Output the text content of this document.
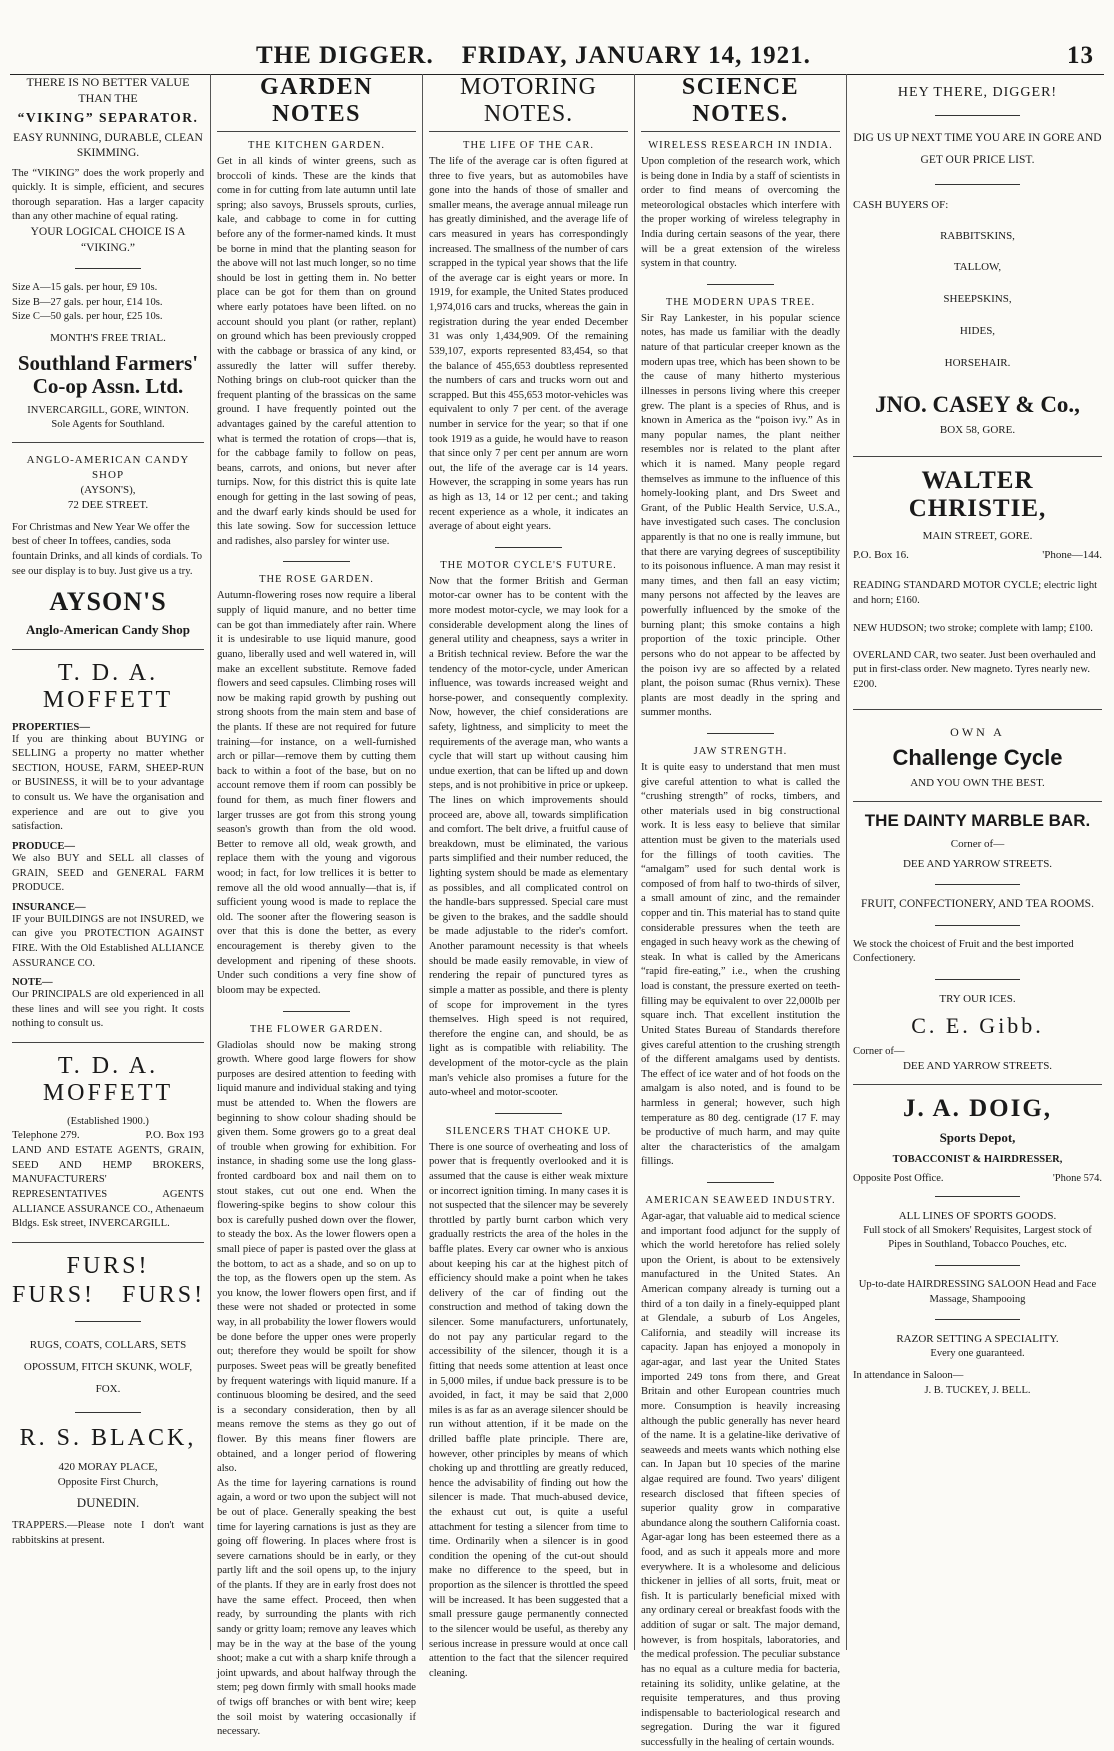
THE DIGGER. FRIDAY, JANUARY 14, 1921.	13
THERE IS NO BETTER VALUE THAN THE
“VIKING” SEPARATOR.
EASY RUNNING, DURABLE, CLEAN SKIMMING.
The “VIKING” does the work properly and quickly. It is simple, efficient, and secures thorough separation. Has a larger capacity than any other machine of equal rating.
YOUR LOGICAL CHOICE IS A “VIKING.”
Size A—15 gals. per hour, £9 10s.
Size B—27 gals. per hour, £14 10s.
Size C—50 gals. per hour, £25 10s.
MONTH'S FREE TRIAL.
Southland Farmers' Co-op Assn. Ltd.
INVERCARGILL, GORE, WINTON.
Sole Agents for Southland.
ANGLO-AMERICAN CANDY SHOP
(AYSON'S),
72 DEE STREET.
For Christmas and New Year We offer the best of cheer In toffees, candies, soda fountain Drinks, and all kinds of cordials. To see our display is to buy. Just give us a try.
AYSON'S
Anglo-American Candy Shop
T. D. A. MOFFETT
PROPERTIES—
If you are thinking about BUYING or SELLING a property no matter whether SECTION, HOUSE, FARM, SHEEP-RUN or BUSINESS, it will be to your advantage to consult us. We have the organisation and experience and are out to give you satisfaction.
PRODUCE—
We also BUY and SELL all classes of GRAIN, SEED and GENERAL FARM PRODUCE.
INSURANCE—
IF your BUILDINGS are not INSURED, we can give you PROTECTION AGAINST FIRE. With the Old Established ALLIANCE ASSURANCE CO.
NOTE—
Our PRINCIPALS are old experienced in all these lines and will see you right. It costs nothing to consult us.
T. D. A. MOFFETT
(Established 1900.)
Telephone 279.	P.O. Box 193
LAND AND ESTATE AGENTS, GRAIN, SEED AND HEMP BROKERS, MANUFACTURERS' REPRESENTATIVES AGENTS ALLIANCE ASSURANCE CO., Athenaeum Bldgs. Esk street, INVERCARGILL.
FURS!
FURS!   FURS!
RUGS, COATS, COLLARS, SETS OPOSSUM, FITCH SKUNK, WOLF, FOX.
R. S. BLACK,
420 MORAY PLACE,
Opposite First Church,
DUNEDIN.
TRAPPERS.—Please note I don't want rabbitskins at present.
GARDEN NOTES
THE KITCHEN GARDEN.
Get in all kinds of winter greens, such as broccoli of kinds. These are the kinds that come in for cutting from late autumn until late spring; also savoys, Brussels sprouts, curlies, kale, and cabbage to come in for cutting before any of the former-named kinds. It must be borne in mind that the planting season for the above will not last much longer, so no time should be lost in getting them in. No better place can be got for them than on ground where early potatoes have been lifted. on no account should you plant (or rather, replant) on ground which has been previously cropped with the cabbage or brassica of any kind, or assuredly the latter will suffer thereby. Nothing brings on club-root quicker than the frequent planting of the brassicas on the same ground. I have frequently pointed out the advantages gained by the careful attention to what is termed the rotation of crops—that is, for the cabbage family to follow on peas, beans, carrots, and onions, but never after turnips. Now, for this district this is quite late enough for getting in the last sowing of peas, and the dwarf early kinds should be used for this late sowing. Sow for succession lettuce and radishes, also parsley for winter use.
THE ROSE GARDEN.
Autumn-flowering roses now require a liberal supply of liquid manure, and no better time can be got than immediately after rain. Where it is undesirable to use liquid manure, good guano, liberally used and well watered in, will make an excellent substitute. Remove faded flowers and seed capsules. Climbing roses will now be making rapid growth by pushing out strong shoots from the main stem and base of the plants. If these are not required for future training—for instance, on a well-furnished arch or pillar—remove them by cutting them back to within a foot of the base, but on no account remove them if room can possibly be found for them, as much finer flowers and larger trusses are got from this strong young season's growth than from the old wood. Better to remove all old, weak growth, and replace them with the young and vigorous wood; in fact, for low trellices it is better to remove all the old wood annually—that is, if sufficient young wood is made to replace the old. The sooner after the flowering season is over that this is done the better, as every encouragement is thereby given to the development and ripening of these shoots. Under such conditions a very fine show of bloom may be expected.
THE FLOWER GARDEN.
Gladiolas should now be making strong growth. Where good large flowers for show purposes are desired attention to feeding with liquid manure and individual staking and tying must be attended to. When the flowers are beginning to show colour shading should be given them. Some growers go to a great deal of trouble when growing for exhibition. For instance, in shading some use the long glass-fronted cardboard box and nail them on to stout stakes, cut out one end. When the flowering-spike begins to show colour this box is carefully pushed down over the flower, to steady the box. As the lower flowers open a small piece of paper is pasted over the glass at the bottom, to act as a shade, and so on up to the top, as the flowers open up the stem. As you know, the lower flowers open first, and if these were not shaded or protected in some way, in all probability the lower flowers would be done before the upper ones were properly out; therefore they would be spoilt for show purposes. Sweet peas will be greatly benefited by frequent waterings with liquid manure. If a continuous blooming be desired, and the seed is a secondary consideration, then by all means remove the stems as they go out of flower. By this means finer flowers are obtained, and a longer period of flowering also.
As the time for layering carnations is round again, a word or two upon the subject will not be out of place. Generally speaking the best time for layering carnations is just as they are going off flowering. In places where frost is severe carnations should be in early, or they partly lift and the soil opens up, to the injury of the plants. If they are in early frost does not have the same effect. Proceed, then when ready, by surrounding the plants with rich sandy or gritty loam; remove any leaves which may be in the way at the base of the young shoot; make a cut with a sharp knife through a joint upwards, and about halfway through the stem; peg down firmly with small hooks made of twigs off branches or with bent wire; keep the soil moist by watering occasionally if necessary.
MOTORING NOTES.
THE LIFE OF THE CAR.
The life of the average car is often figured at three to five years, but as automobiles have gone into the hands of those of smaller and smaller means, the average annual mileage run has greatly diminished, and the average life of cars measured in years has correspondingly increased. The smallness of the number of cars scrapped in the typical year shows that the life of the average car is eight years or more. In 1919, for example, the United States produced 1,974,016 cars and trucks, whereas the gain in registration during the year ended December 31 was only 1,434,909. Of the remaining 539,107, exports represented 83,454, so that the balance of 455,653 doubtless represented the numbers of cars and trucks worn out and scrapped. But this 455,653 motor-vehicles was equivalent to only 7 per cent. of the average number in service for the year; so that if one took 1919 as a guide, he would have to reason that since only 7 per cent per annum are worn out, the life of the average car is 14 years. However, the scrapping in some years has run as high as 13, 14 or 12 per cent.; and taking recent experience as a whole, it indicates an average of about eight years.
THE MOTOR CYCLE'S FUTURE.
Now that the former British and German motor-car owner has to be content with the more modest motor-cycle, we may look for a considerable development along the lines of general utility and cheapness, says a writer in a British technical review. Before the war the tendency of the motor-cycle, under American influence, was towards increased weight and horse-power, and consequently complexity. Now, however, the chief considerations are safety, lightness, and simplicity to meet the requirements of the average man, who wants a cycle that will start up without causing him undue exertion, that can be lifted up and down steps, and is not prohibitive in price or upkeep. The lines on which improvements should proceed are, above all, towards simplification and comfort. The belt drive, a fruitful cause of breakdown, must be eliminated, the various parts simplified and their number reduced, the lighting system should be made as elementary as possibles, and all complicated control on the handle-bars suppressed. Special care must be given to the brakes, and the saddle should be made adjustable to the rider's comfort. Another paramount necessity is that wheels should be made easily removable, in view of rendering the repair of punctured tyres as simple a matter as possible, and there is plenty of scope for improvement in the tyres themselves. High speed is not required, therefore the engine can, and should, be as light as is compatible with reliability. The development of the motor-cycle as the plain man's vehicle also promises a future for the auto-wheel and motor-scooter.
SILENCERS THAT CHOKE UP.
There is one source of overheating and loss of power that is frequently overlooked and it is assumed that the cause is either weak mixture or incorrect ignition timing. In many cases it is not suspected that the silencer may be severely throttled by partly burnt carbon which very gradually restricts the area of the holes in the baffle plates. Every car owner who is anxious about keeping his car at the highest pitch of efficiency should make a point when he takes delivery of the car of finding out the construction and method of taking down the silencer. Some manufacturers, unfortunately, do not pay any particular regard to the accessibility of the silencer, though it is a fitting that needs some attention at least once in 5,000 miles, if undue back pressure is to be avoided, in fact, it may be said that 2,000 miles is as far as an average silencer should be run without attention, if it be made on the drilled baffle plate principle. There are, however, other principles by means of which choking up and throttling are greatly reduced, hence the advisability of finding out how the silencer is made. That much-abused device, the exhaust cut out, is quite a useful attachment for testing a silencer from time to time. Ordinarily when a silencer is in good condition the opening of the cut-out should make no difference to the speed, but in proportion as the silencer is throttled the speed will be increased. It has been suggested that a small pressure gauge permanently connected to the silencer would be useful, as thereby any serious increase in pressure would at once call attention to the fact that the silencer required cleaning.
SCIENCE NOTES.
WIRELESS RESEARCH IN INDIA.
Upon completion of the research work, which is being done in India by a staff of scientists in order to find means of overcoming the meteorological obstacles which interfere with the proper working of wireless telegraphy in India during certain seasons of the year, there will be a great extension of the wireless system in that country.
THE MODERN UPAS TREE.
Sir Ray Lankester, in his popular science notes, has made us familiar with the deadly nature of that particular creeper known as the modern upas tree, which has been shown to be the cause of many hitherto mysterious illnesses in persons living where this creeper grew. The plant is a species of Rhus, and is known in America as the “poison ivy.” As in many popular names, the plant neither resembles nor is related to the plant after which it is named. Many people regard themselves as immune to the influence of this homely-looking plant, and Drs Sweet and Grant, of the Public Health Service, U.S.A., have investigated such cases. The conclusion apparently is that no one is really immune, but that there are varying degrees of susceptibility to its poisonous influence. A man may resist it many times, and then fall an easy victim; many persons not affected by the leaves are powerfully influenced by the smoke of the burning plant; this smoke contains a high proportion of the toxic principle. Other persons who do not appear to be affected by the poison ivy are so affected by a related plant, the poison sumac (Rhus vernix). These plants are most deadly in the spring and summer months.
JAW STRENGTH.
It is quite easy to understand that men must give careful attention to what is called the “crushing strength” of rocks, timbers, and other materials used in big constructional work. It is less easy to believe that similar attention must be given to the materials used for the fillings of tooth cavities. The “amalgam” used for such dental work is composed of from half to two-thirds of silver, a small amount of zinc, and the remainder copper and tin. This material has to stand quite considerable pressures when the teeth are engaged in such heavy work as the chewing of steak. In what is called by the Americans “rapid fire-eating,” i.e., when the crushing load is constant, the pressure exerted on teeth-filling may be equivalent to over 22,000lb per square inch. That excellent institution the United States Bureau of Standards therefore gives careful attention to the crushing strength of the different amalgams used by dentists. The effect of ice water and of hot foods on the amalgam is also noted, and is found to be harmless in general; however, such high temperature as 80 deg. centigrade (17 F. may be productive of much harm, and may quite alter the characteristics of the amalgam fillings.
AMERICAN SEAWEED INDUSTRY.
Agar-agar, that valuable aid to medical science and important food adjunct for the supply of which the world heretofore has relied solely upon the Orient, is about to be extensively manufactured in the United States. An American company already is turning out a third of a ton daily in a finely-equipped plant at Glendale, a suburb of Los Angeles, California, and steadily will increase its capacity. Japan has enjoyed a monopoly in agar-agar, and last year the United States imported 249 tons from there, and Great Britain and other European countries much more. Consumption is heavily increasing although the public generally has never heard of the name. It is a gelatine-like derivative of seaweeds and meets wants which nothing else can. In Japan but 10 species of the marine algae required are found. Two years' diligent research disclosed that fifteen species of superior quality grow in comparative abundance along the southern California coast. Agar-agar long has been esteemed there as a food, and as such it appeals more and more everywhere. It is a wholesome and delicious thickener in jellies of all sorts, fruit, meat or fish. It is particularly beneficial mixed with any ordinary cereal or breakfast foods with the addition of sugar or salt. The major demand, however, is from hospitals, laboratories, and the medical profession. The peculiar substance has no equal as a culture media for bacteria, retaining its solidity, unlike gelatine, at the requisite temperatures, and thus proving indispensable to bacteriological research and segregation. During the war it figured successfully in the healing of certain wounds.
HEY THERE, DIGGER!
DIG US UP NEXT TIME YOU ARE IN GORE AND GET OUR PRICE LIST.
CASH BUYERS OF:
RABBITSKINS,
TALLOW,
SHEEPSKINS,
HIDES,
HORSEHAIR.
JNO. CASEY & Co.,
BOX 58, GORE.
WALTER CHRISTIE,
MAIN STREET, GORE.
P.O. Box 16.	'Phone—144.
READING STANDARD MOTOR CYCLE; electric light and horn; £160.
NEW HUDSON; two stroke; complete with lamp; £100.
OVERLAND CAR, two seater. Just been overhauled and put in first-class order. New magneto. Tyres nearly new. £200.
OWN A
Challenge Cycle
AND YOU OWN THE BEST.
THE DAINTY MARBLE BAR.
Corner of—
DEE AND YARROW STREETS.
FRUIT, CONFECTIONERY, AND TEA ROOMS.
We stock the choicest of Fruit and the best imported Confectionery.
TRY OUR ICES.
C. E. Gibb.
Corner of—
DEE AND YARROW STREETS.
J. A. DOIG,
Sports Depot,
TOBACCONIST & HAIRDRESSER,
Opposite Post Office.	'Phone 574.
ALL LINES OF SPORTS GOODS.
Full stock of all Smokers' Requisites, Largest stock of Pipes in Southland, Tobacco Pouches, etc.
Up-to-date HAIRDRESSING SALOON Head and Face Massage, Shampooing
RAZOR SETTING A SPECIALITY.
Every one guaranteed.
In attendance in Saloon—
J. B. TUCKEY, J. BELL.
